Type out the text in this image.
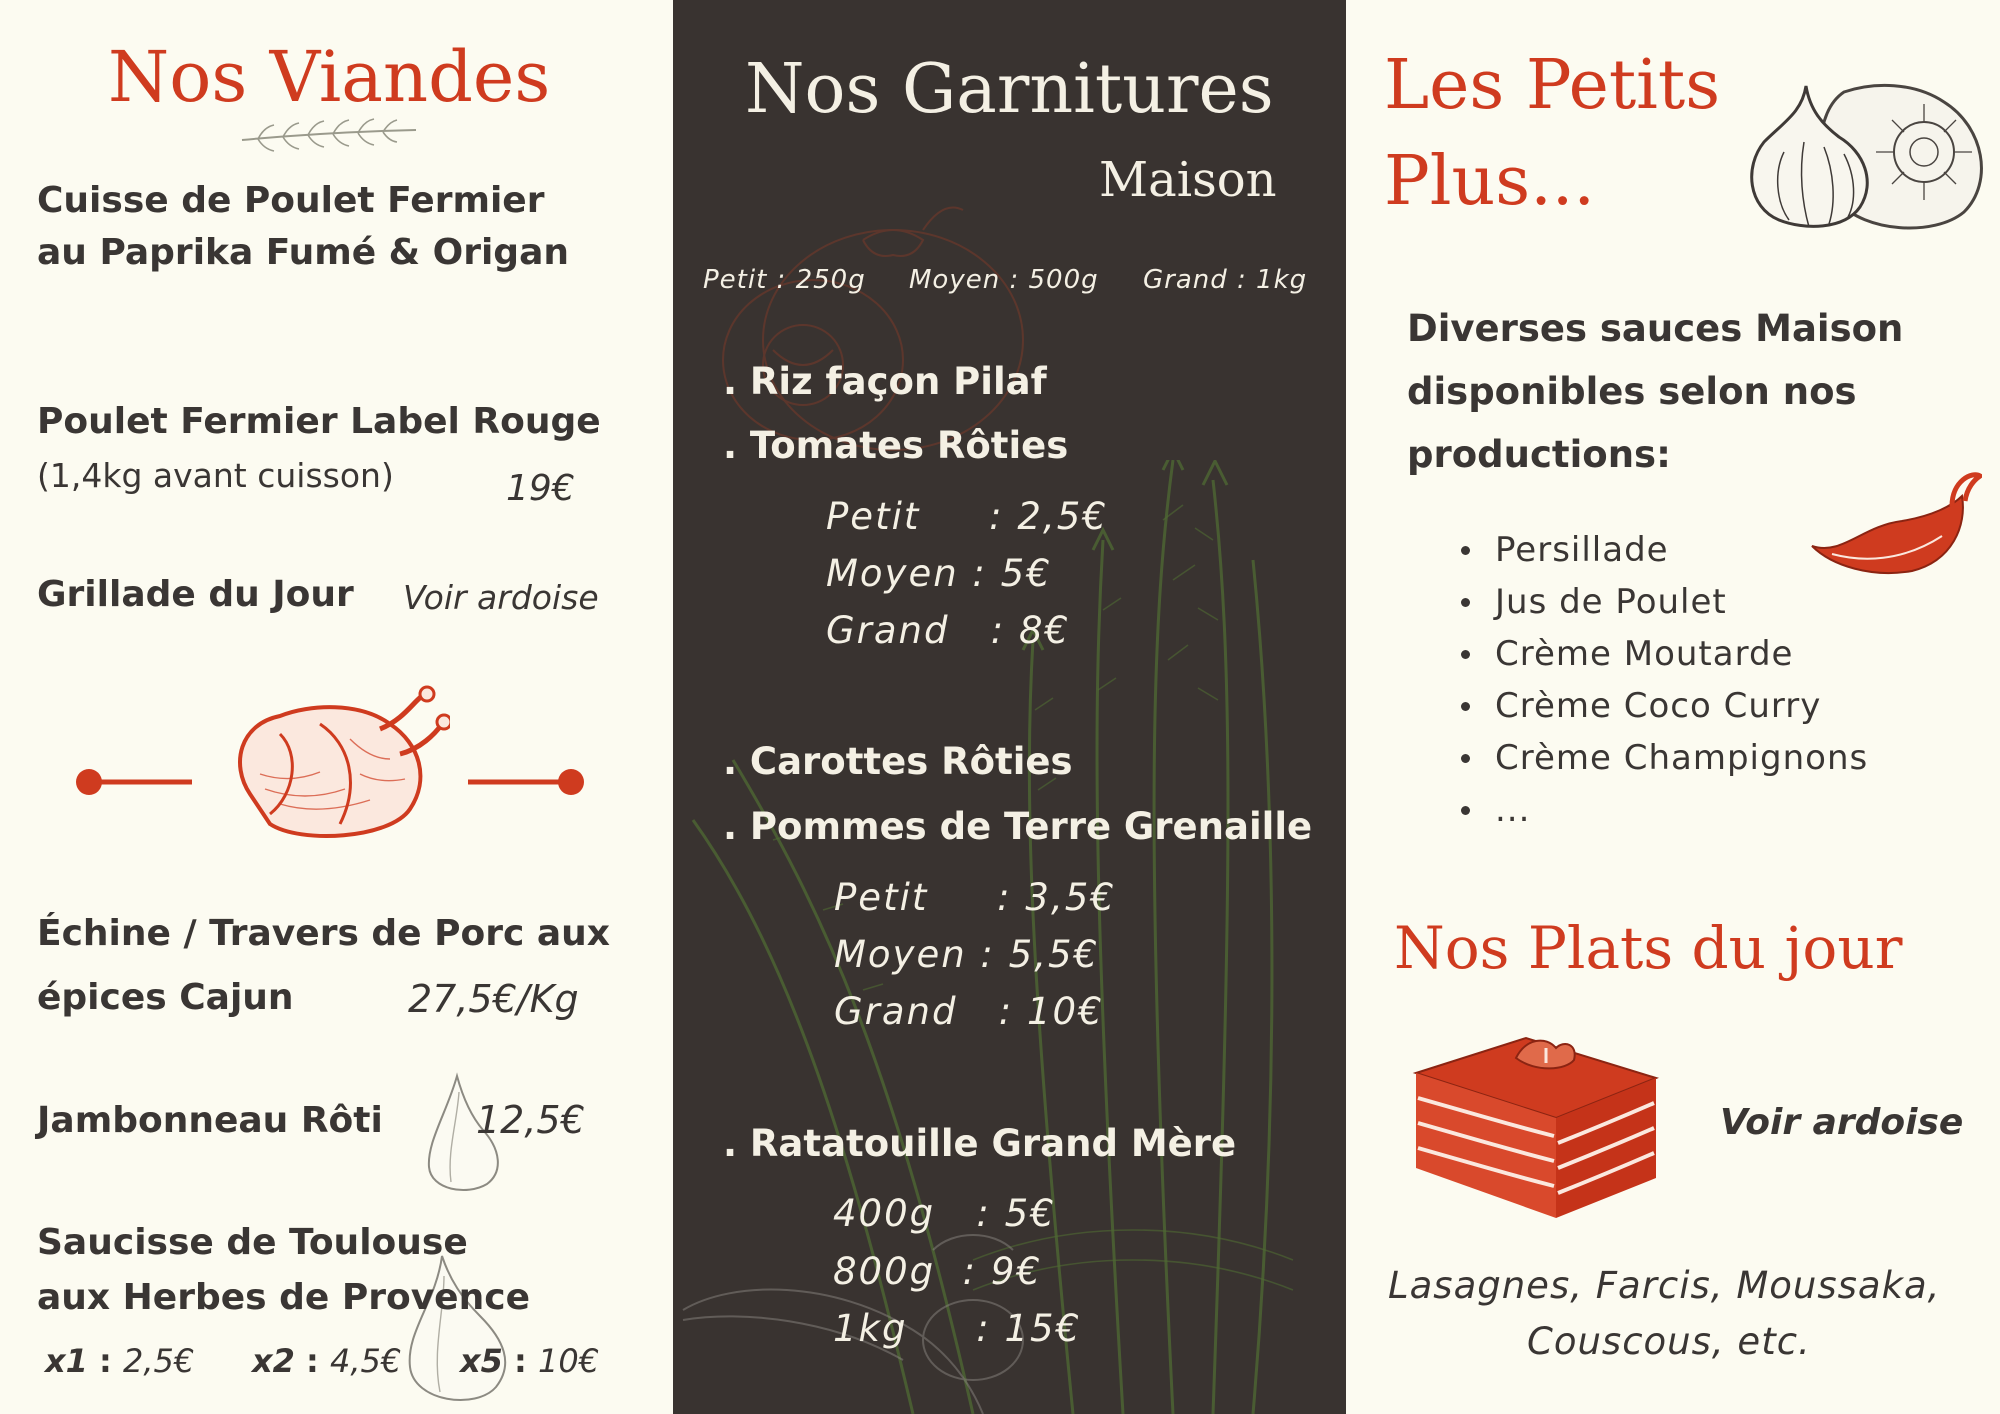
Nos Viandes
Cuisse de Poulet Fermier
au Paprika Fumé & Origan
Poulet Fermier Label Rouge
(1,4kg avant cuisson)	19€
Grillade du Jour Voir ardoise
Échine / Travers de Porc aux
épices Cajun	27,5€/Kg
Jambonneau Rôti 12,5€
Saucisse de Toulouse
aux Herbes de Provence
x1 : 2,5€ x2 : 4,5€ x5 : 10€
Nos Garnitures
Maison
Petit : 250g Moyen : 500g Grand : 1kg
. Riz façon Pilaf
. Tomates Rôties
Petit     : 2,5€
Moyen : 5€
Grand   : 8€
. Carottes Rôties
. Pommes de Terre Grenaille
Petit     : 3,5€
Moyen : 5,5€
Grand   : 10€
. Ratatouille Grand Mère
400g   : 5€
800g  : 9€
1kg     : 15€
Les Petits
Plus...
Diverses sauces Maison
disponibles selon nos
productions:
Persillade
Jus de Poulet
Crème Moutarde
Crème Coco Curry
Crème Champignons
...
Nos Plats du jour
Voir ardoise
Lasagnes, Farcis, Moussaka,
Couscous, etc.
